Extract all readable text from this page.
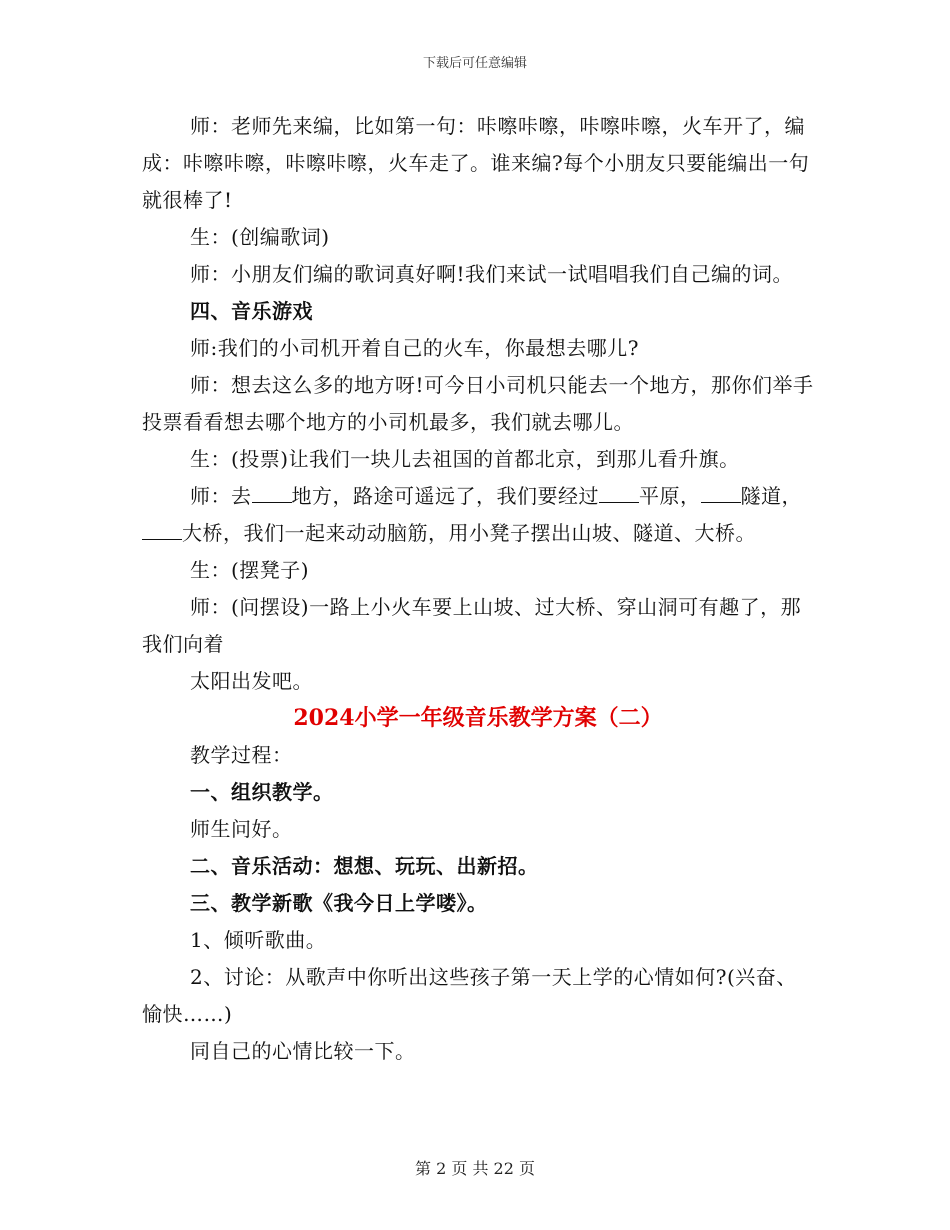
下载后可任意编辑

师：老师先来编，比如第一句：咔嚓咔嚓，咔嚓咔嚓，火车开了，编成：咔嚓咔嚓，咔嚓咔嚓，火车走了。谁来编?每个小朋友只要能编出一句就很棒了!

生：(创编歌词)

师：小朋友们编的歌词真好啊!我们来试一试唱唱我们自己编的词。

四、音乐游戏

师:我们的小司机开着自己的火车，你最想去哪儿?

师：想去这么多的地方呀!可今日小司机只能去一个地方，那你们举手投票看看想去哪个地方的小司机最多，我们就去哪儿。

生：(投票)让我们一块儿去祖国的首都北京，到那儿看升旗。

师：去 地方，路途可遥远了，我们要经过 平原， 隧道，大桥，我们一起来动动脑筋，用小凳子摆出山坡、隧道、大桥。

生：(摆凳子)

师：(问摆设)一路上小火车要上山坡、过大桥、穿山洞可有趣了，那我们向着

太阳出发吧。

2024小学一年级音乐教学方案（二）

教学过程：

一、组织教学。

师生问好。

二、音乐活动：想想、玩玩、出新招。

三、教学新歌《我今日上学喽》。

1、倾听歌曲。

2、讨论：从歌声中你听出这些孩子第一天上学的心情如何?(兴奋、愉快……)

同自己的心情比较一下。

第 2 页 共 22 页
